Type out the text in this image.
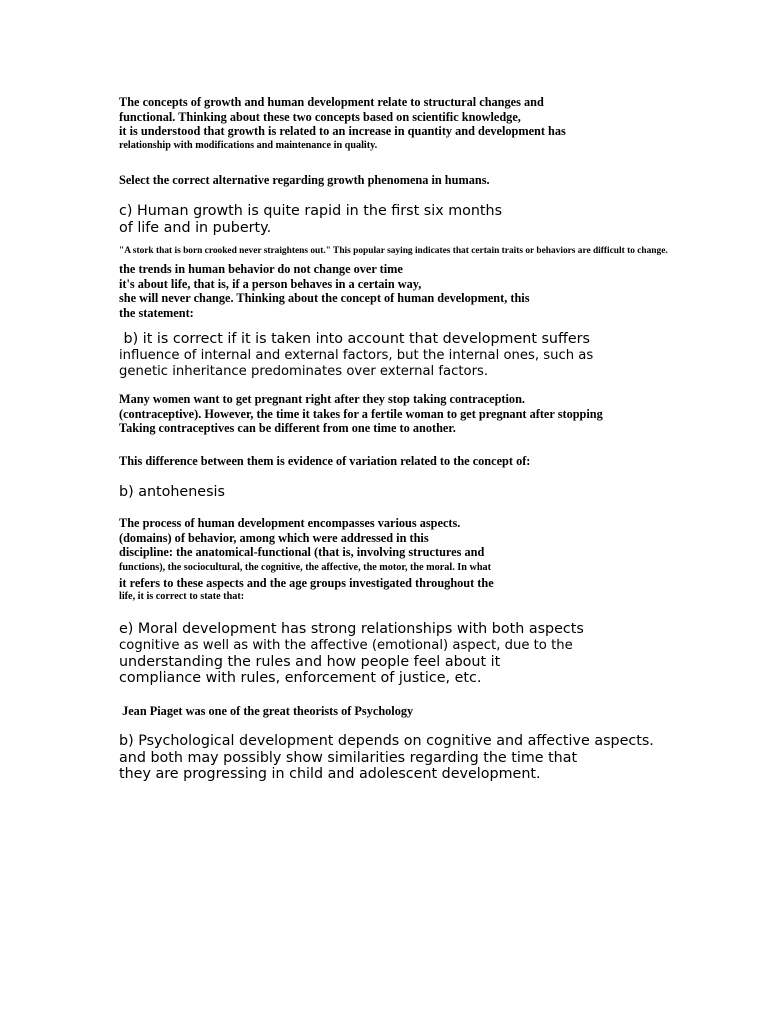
The concepts of growth and human development relate to structural changes and
functional. Thinking about these two concepts based on scientific knowledge,
it is understood that growth is related to an increase in quantity and development has
relationship with modifications and maintenance in quality.
Select the correct alternative regarding growth phenomena in humans.
c) Human growth is quite rapid in the first six months
of life and in puberty.
"A stork that is born crooked never straightens out." This popular saying indicates that certain traits or behaviors are difficult to change.
the trends in human behavior do not change over time
it's about life, that is, if a person behaves in a certain way,
she will never change. Thinking about the concept of human development, this
the statement:
b) it is correct if it is taken into account that development suffers
influence of internal and external factors, but the internal ones, such as
genetic inheritance predominates over external factors.
Many women want to get pregnant right after they stop taking contraception.
(contraceptive). However, the time it takes for a fertile woman to get pregnant after stopping
Taking contraceptives can be different from one time to another.
This difference between them is evidence of variation related to the concept of:
b) antohenesis
The process of human development encompasses various aspects.
(domains) of behavior, among which were addressed in this
discipline: the anatomical-functional (that is, involving structures and
functions), the sociocultural, the cognitive, the affective, the motor, the moral. In what
it refers to these aspects and the age groups investigated throughout the
life, it is correct to state that:
e) Moral development has strong relationships with both aspects
cognitive as well as with the affective (emotional) aspect, due to the
understanding the rules and how people feel about it
compliance with rules, enforcement of justice, etc.
Jean Piaget was one of the great theorists of Psychology
b) Psychological development depends on cognitive and affective aspects.
and both may possibly show similarities regarding the time that
they are progressing in child and adolescent development.
